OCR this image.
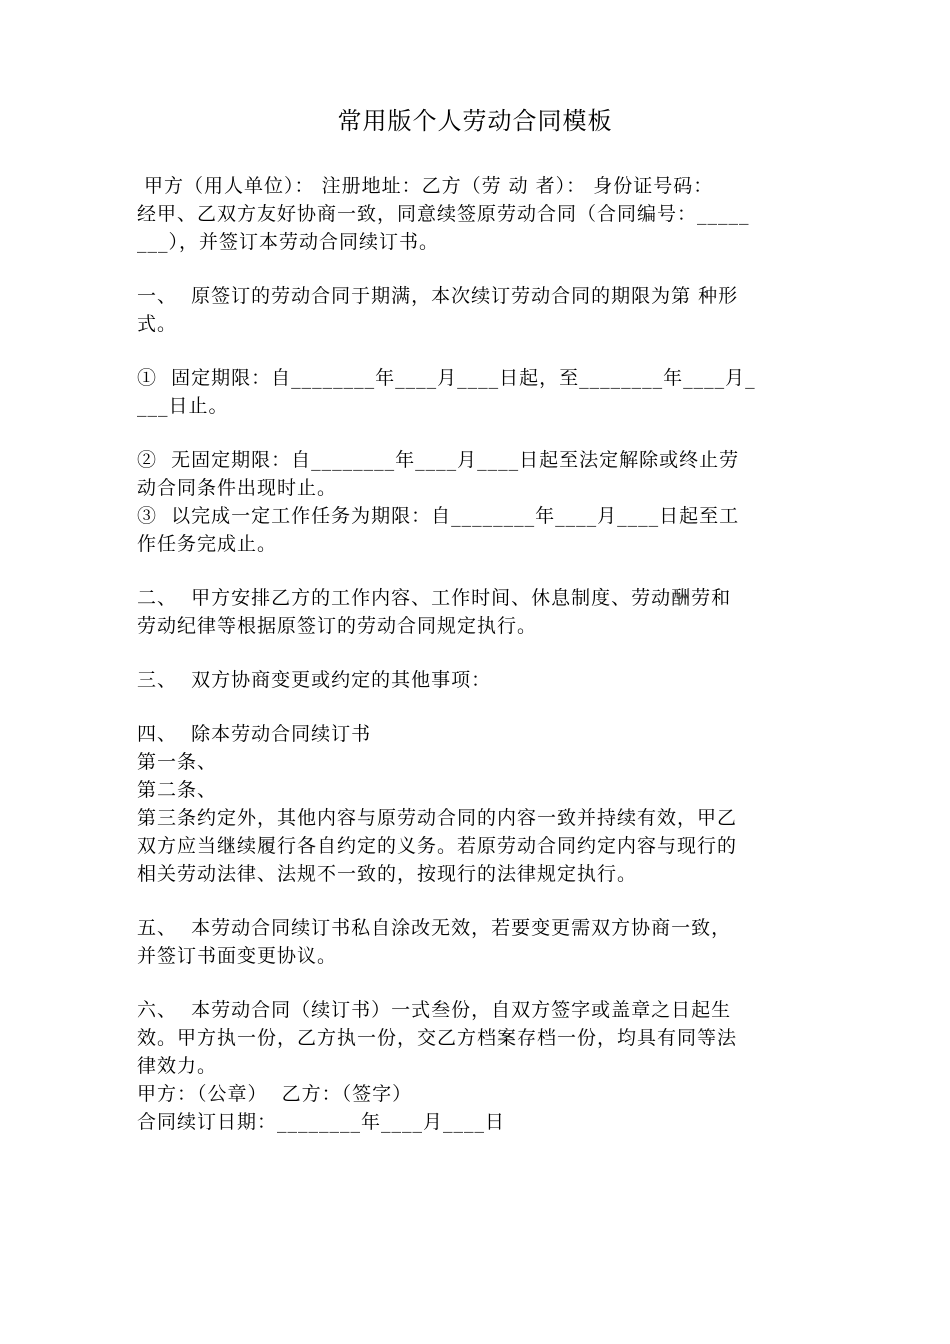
常用版个人劳动合同模板
甲方（用人单位）： 注册地址：乙方（劳 动 者）： 身份证号码：
经甲、乙双方友好协商一致，同意续签原劳动合同（合同编号：_____
___），并签订本劳动合同续订书。
一、  原签订的劳动合同于期满，本次续订劳动合同的期限为第 种形
式。
①  固定期限：自________年____月____日起，至________年____月_
___日止。
②  无固定期限：自________年____月____日起至法定解除或终止劳
动合同条件出现时止。
③  以完成一定工作任务为期限：自________年____月____日起至工
作任务完成止。
二、  甲方安排乙方的工作内容、工作时间、休息制度、劳动酬劳和
劳动纪律等根据原签订的劳动合同规定执行。
三、  双方协商变更或约定的其他事项：
四、  除本劳动合同续订书
第一条、
第二条、
第三条约定外，其他内容与原劳动合同的内容一致并持续有效，甲乙
双方应当继续履行各自约定的义务。若原劳动合同约定内容与现行的
相关劳动法律、法规不一致的，按现行的法律规定执行。
五、  本劳动合同续订书私自涂改无效，若要变更需双方协商一致，
并签订书面变更协议。
六、  本劳动合同（续订书）一式叁份，自双方签字或盖章之日起生
效。甲方执一份，乙方执一份，交乙方档案存档一份，均具有同等法
律效力。
甲方：（公章）  乙方：（签字）
合同续订日期：________年____月____日
